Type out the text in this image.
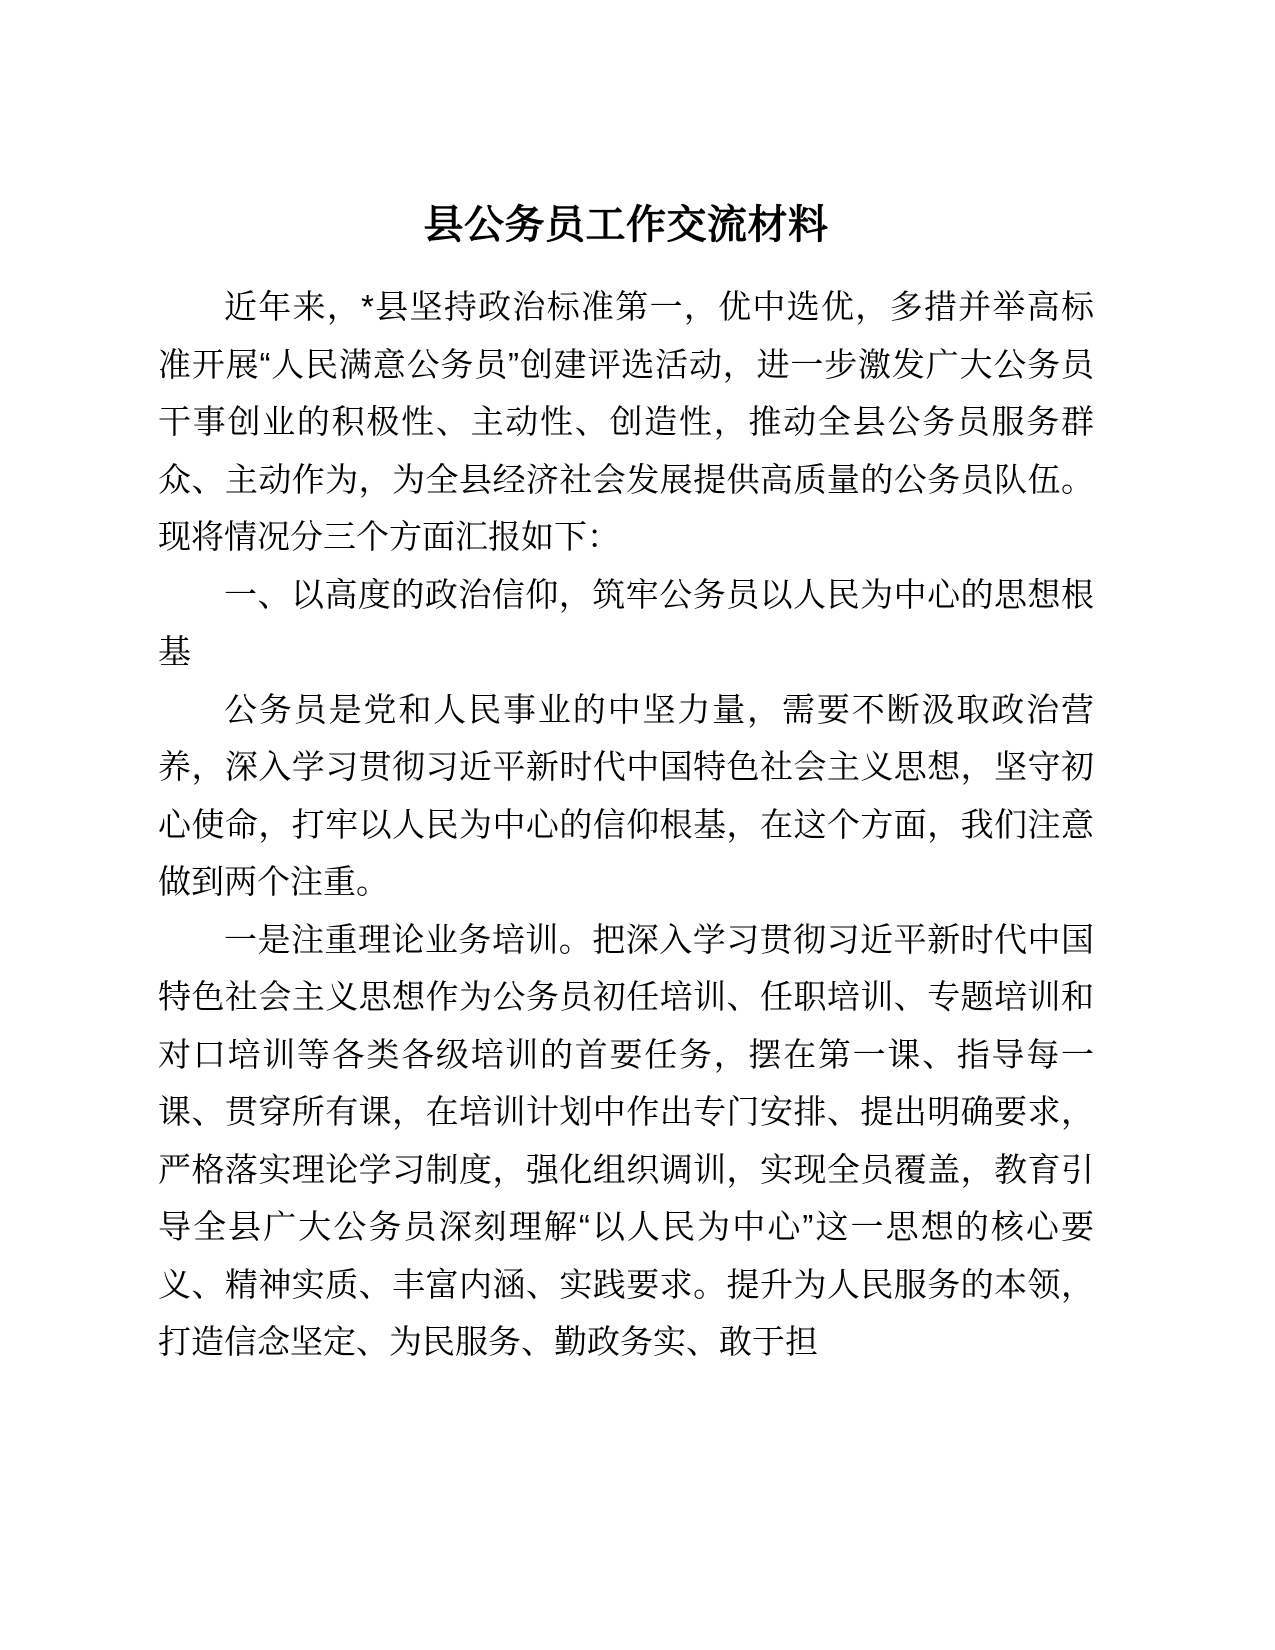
县公务员工作交流材料

近年来，*县坚持政治标准第一，优中选优，多措并举高标准开展“人民满意公务员”创建评选活动，进一步激发广大公务员干事创业的积极性、主动性、创造性，推动全县公务员服务群众、主动作为，为全县经济社会发展提供高质量的公务员队伍。现将情况分三个方面汇报如下：

一、以高度的政治信仰，筑牢公务员以人民为中心的思想根基

公务员是党和人民事业的中坚力量，需要不断汲取政治营养，深入学习贯彻习近平新时代中国特色社会主义思想，坚守初心使命，打牢以人民为中心的信仰根基，在这个方面，我们注意做到两个注重。

一是注重理论业务培训。把深入学习贯彻习近平新时代中国特色社会主义思想作为公务员初任培训、任职培训、专题培训和对口培训等各类各级培训的首要任务，摆在第一课、指导每一课、贯穿所有课，在培训计划中作出专门安排、提出明确要求，严格落实理论学习制度，强化组织调训，实现全员覆盖，教育引导全县广大公务员深刻理解“以人民为中心”这一思想的核心要义、精神实质、丰富内涵、实践要求。提升为人民服务的本领，打造信念坚定、为民服务、勤政务实、敢于担
